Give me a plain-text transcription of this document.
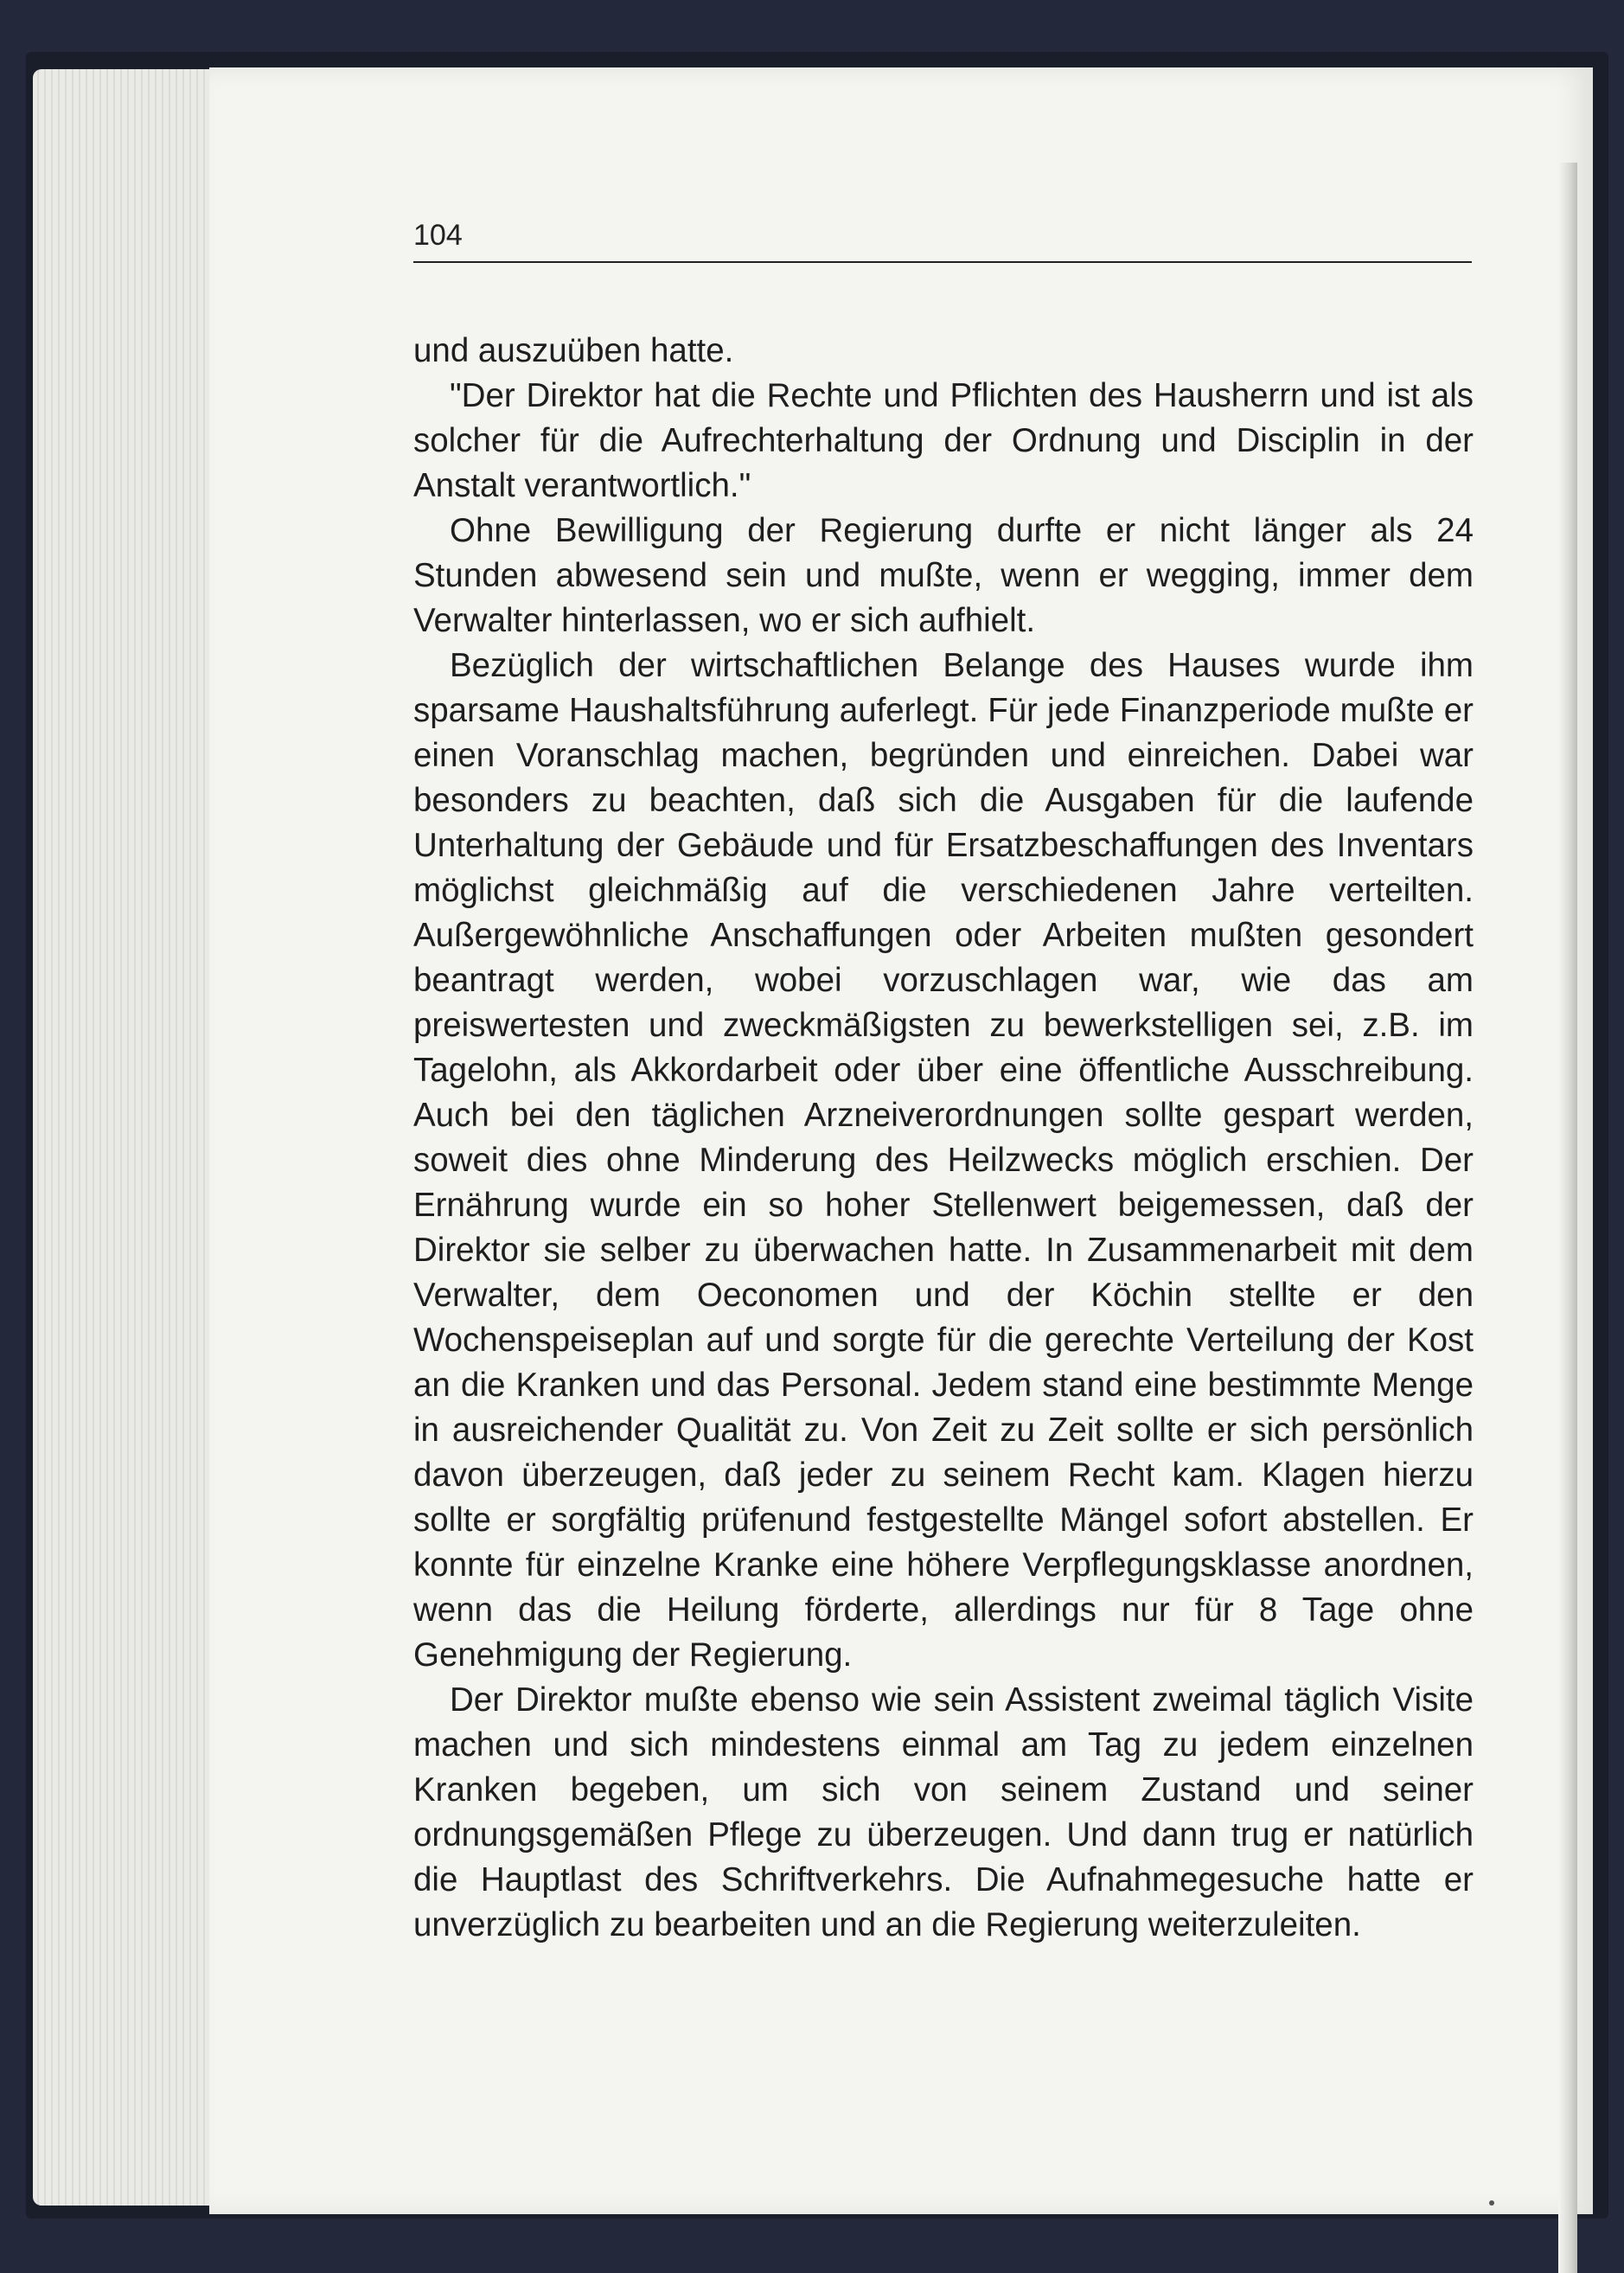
104

und auszuüben hatte.

"Der Direktor hat die Rechte und Pflichten des Hausherrn und ist als solcher für die Aufrechterhaltung der Ordnung und Disciplin in der Anstalt verantwortlich."

Ohne Bewilligung der Regierung durfte er nicht länger als 24 Stunden abwesend sein und mußte, wenn er wegging, immer dem Verwalter hinterlassen, wo er sich aufhielt.

Bezüglich der wirtschaftlichen Belange des Hauses wurde ihm sparsame Haushaltsführung auferlegt. Für jede Finanzperiode mußte er einen Voranschlag machen, begründen und einreichen. Dabei war besonders zu beachten, daß sich die Ausgaben für die laufende Unterhaltung der Gebäude und für Ersatzbeschaffungen des Inventars möglichst gleichmäßig auf die verschiedenen Jahre verteilten. Außergewöhnliche Anschaffungen oder Arbeiten mußten gesondert beantragt werden, wobei vorzuschlagen war, wie das am preiswertesten und zweckmäßigsten zu bewerkstelligen sei, z.B. im Tagelohn, als Akkordarbeit oder über eine öffentliche Ausschreibung. Auch bei den täglichen Arzneiverordnungen sollte gespart werden, soweit dies ohne Minderung des Heilzwecks möglich erschien. Der Ernährung wurde ein so hoher Stellenwert beigemessen, daß der Direktor sie selber zu überwachen hatte. In Zusammenarbeit mit dem Verwalter, dem Oeconomen und der Köchin stellte er den Wochenspeiseplan auf und sorgte für die gerechte Verteilung der Kost an die Kranken und das Personal. Jedem stand eine bestimmte Menge in ausreichender Qualität zu. Von Zeit zu Zeit sollte er sich persönlich davon überzeugen, daß jeder zu seinem Recht kam. Klagen hierzu sollte er sorgfältig prüfenund festgestellte Mängel sofort abstellen. Er konnte für einzelne Kranke eine höhere Verpflegungsklasse anordnen, wenn das die Heilung förderte, allerdings nur für 8 Tage ohne Genehmigung der Regierung.

Der Direktor mußte ebenso wie sein Assistent zweimal täglich Visite machen und sich mindestens einmal am Tag zu jedem einzelnen Kranken begeben, um sich von seinem Zustand und seiner ordnungsgemäßen Pflege zu überzeugen. Und dann trug er natürlich die Hauptlast des Schriftverkehrs. Die Aufnahmegesuche hatte er unverzüglich zu bearbeiten und an die Regierung weiterzuleiten.
